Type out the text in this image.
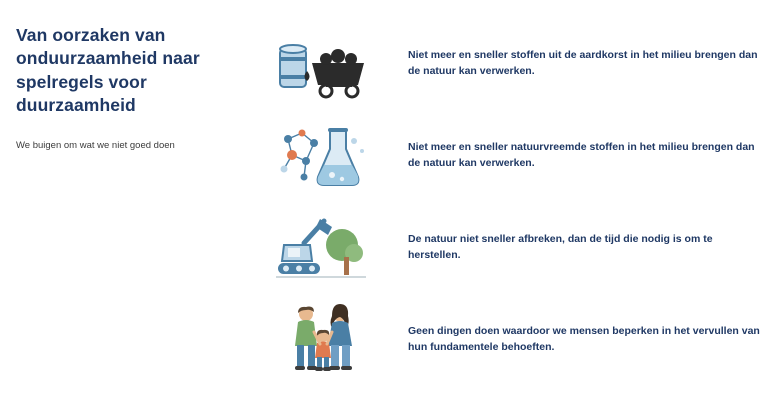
Van oorzaken van onduurzaamheid naar spelregels voor duurzaamheid
We buigen om wat we niet goed doen
Niet meer en sneller stoffen uit de aardkorst in het milieu brengen dan de natuur kan verwerken.
Niet meer en sneller natuurvreemde stoffen in het milieu brengen dan de natuur kan verwerken.
De natuur niet sneller afbreken, dan de tijd die nodig is om te herstellen.
Geen dingen doen waardoor we mensen beperken in het vervullen van hun fundamentele behoeften.
